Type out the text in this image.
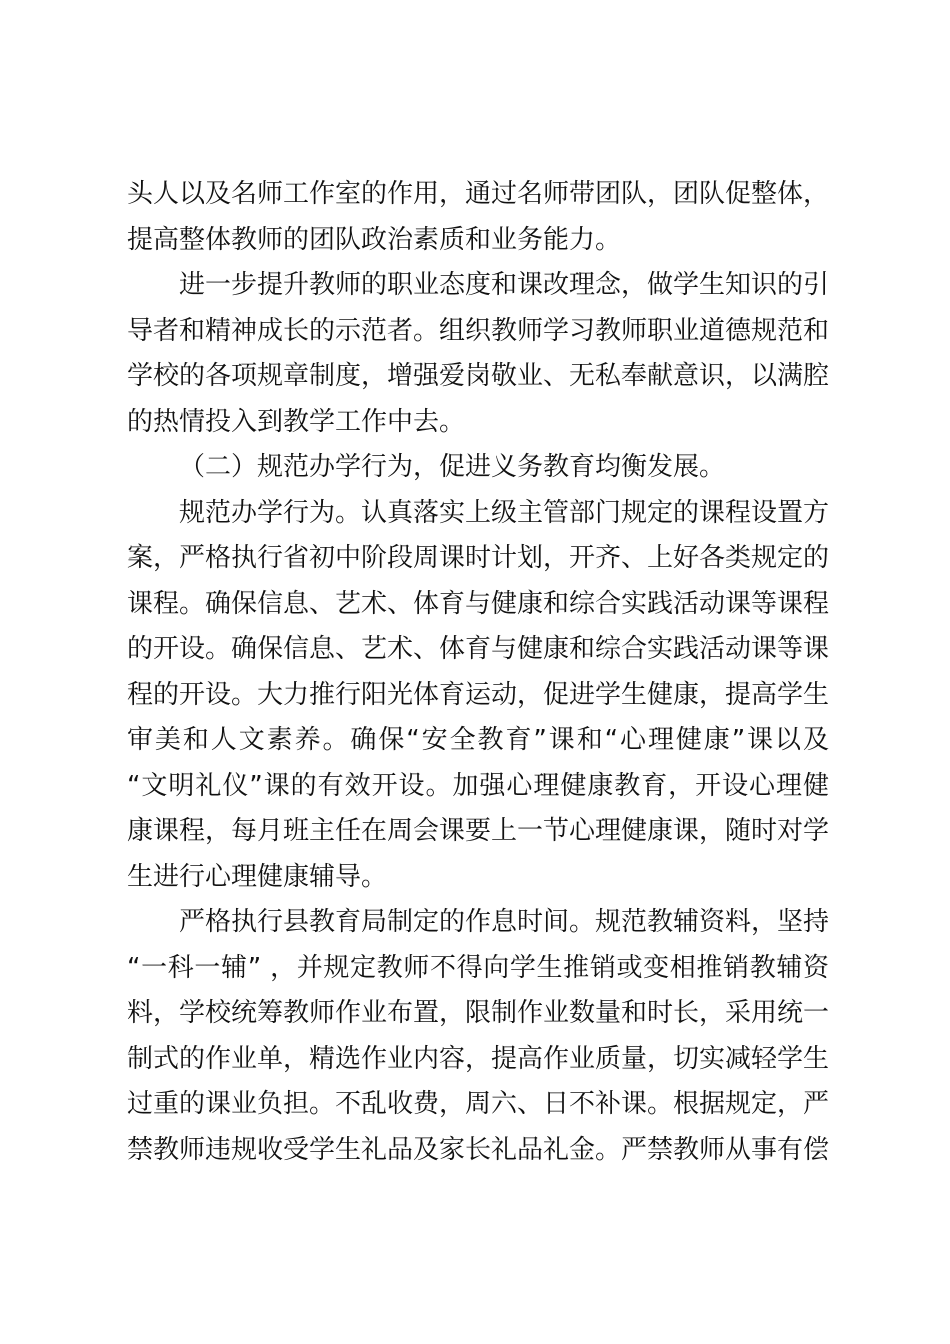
头人以及名师工作室的作用，通过名师带团队，团队促整体，
提高整体教师的团队政治素质和业务能力。
进一步提升教师的职业态度和课改理念，做学生知识的引
导者和精神成长的示范者。组织教师学习教师职业道德规范和
学校的各项规章制度，增强爱岗敬业、无私奉献意识，以满腔
的热情投入到教学工作中去。
（二）规范办学行为，促进义务教育均衡发展。
规范办学行为。认真落实上级主管部门规定的课程设置方
案，严格执行省初中阶段周课时计划，开齐、上好各类规定的
课程。确保信息、艺术、体育与健康和综合实践活动课等课程
的开设。确保信息、艺术、体育与健康和综合实践活动课等课
程的开设。大力推行阳光体育运动，促进学生健康，提高学生
审美和人文素养。确保“安全教育”课和“心理健康”课以及
“文明礼仪”课的有效开设。加强心理健康教育，开设心理健
康课程，每月班主任在周会课要上一节心理健康课，随时对学
生进行心理健康辅导。
严格执行县教育局制定的作息时间。规范教辅资料，坚持
“一科一辅” ，并规定教师不得向学生推销或变相推销教辅资
料，学校统筹教师作业布置，限制作业数量和时长，采用统一
制式的作业单，精选作业内容，提高作业质量，切实减轻学生
过重的课业负担。不乱收费，周六、日不补课。根据规定，严
禁教师违规收受学生礼品及家长礼品礼金。严禁教师从事有偿
